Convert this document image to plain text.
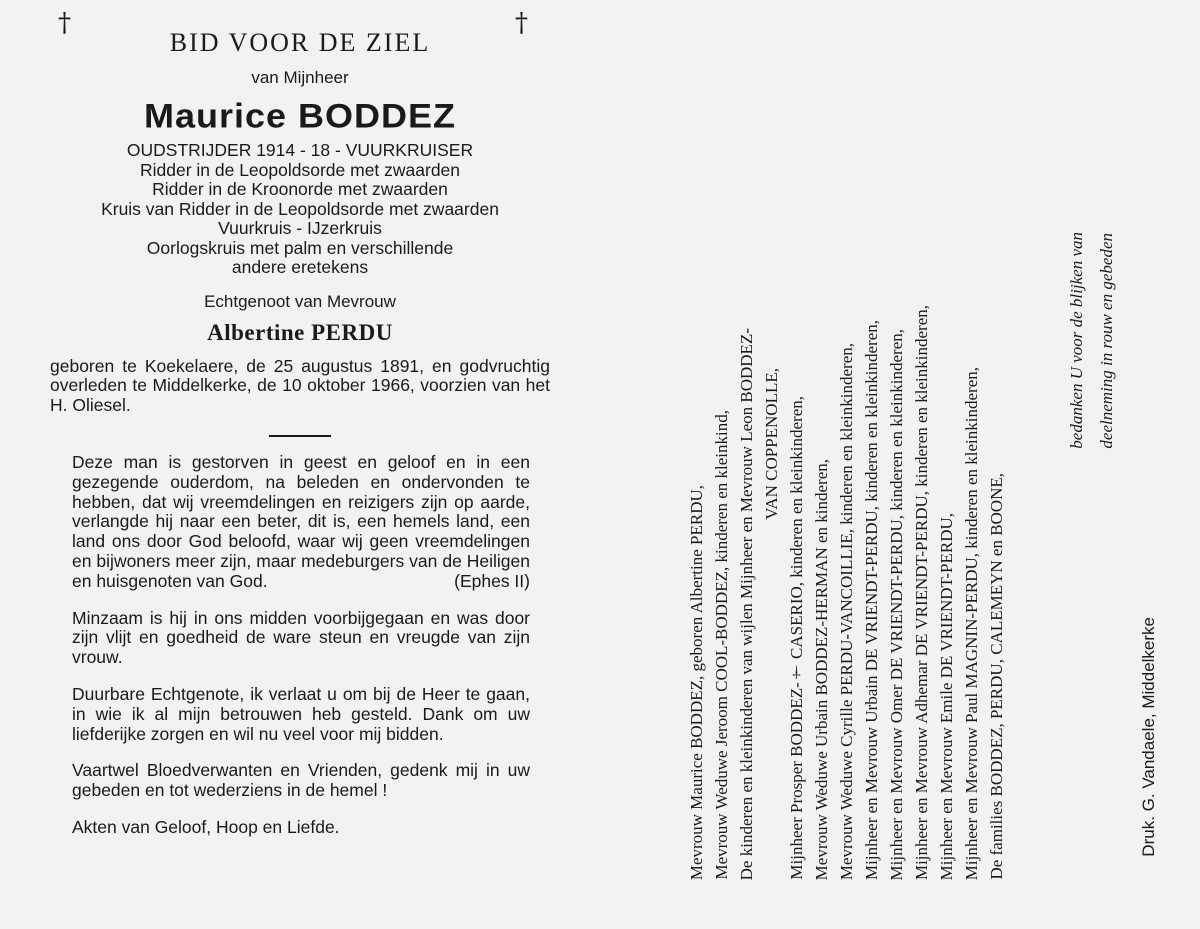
†	†
BID VOOR DE ZIEL
van Mijnheer
Maurice BODDEZ
OUDSTRIJDER 1914 - 18 - VUURKRUISER
Ridder in de Leopoldsorde met zwaarden
Ridder in de Kroonorde met zwaarden
Kruis van Ridder in de Leopoldsorde met zwaarden
Vuurkruis - IJzerkruis
Oorlogskruis met palm en verschillende
andere eretekens
Echtgenoot van Mevrouw
Albertine PERDU
geboren te Koekelaere, de 25 augustus 1891, en godvruchtig overleden te Middelkerke, de 10 oktober 1966, voorzien van het H. Oliesel.
Deze man is gestorven in geest en geloof en in een gezegende ouderdom, na beleden en ondervonden te hebben, dat wij vreemdelingen en reizigers zijn op aarde, verlangde hij naar een beter, dit is, een hemels land, een land ons door God beloofd, waar wij geen vreemdelingen en bijwoners meer zijn, maar medeburgers van de Heiligen en huisgenoten van God.	(Ephes II)
Minzaam is hij in ons midden voorbijgegaan en was door zijn vlijt en goedheid de ware steun en vreugde van zijn vrouw.
Duurbare Echtgenote, ik verlaat u om bij de Heer te gaan, in wie ik al mijn betrouwen heb gesteld. Dank om uw liefderijke zorgen en wil nu veel voor mij bidden.
Vaartwel Bloedverwanten en Vrienden, gedenk mij in uw gebeden en tot wederziens in de hemel !
Akten van Geloof, Hoop en Liefde.	Mevrouw Maurice BODDEZ, geboren Albertine PERDU, Mevrouw Weduwe Jeroom COOL-BODDEZ, kinderen en kleinkind, De kinderen en kleinkinderen van wijlen Mijnheer en Mevrouw Leon BODDEZ- VAN COPPENOLLE, Mijnheer Prosper BODDEZ-† CASERIO, kinderen en kleinkinderen, Mevrouw Weduwe Urbain BODDEZ-HERMAN en kinderen, Mevrouw Weduwe Cyrille PERDU-VANCOILLIE, kinderen en kleinkinderen, Mijnheer en Mevrouw Urbain DE VRIENDT-PERDU, kinderen en kleinkinderen, Mijnheer en Mevrouw Omer DE VRIENDT-PERDU, kinderen en kleinkinderen, Mijnheer en Mevrouw Adhemar DE VRIENDT-PERDU, kinderen en kleinkinderen, Mijnheer en Mevrouw Emile DE VRIENDT-PERDU, Mijnheer en Mevrouw Paul MAGNIN-PERDU, kinderen en kleinkinderen, De families BODDEZ, PERDU, CALEMEYN en BOONE,
bedanken U voor de blijken van deelneming in rouw en gebeden
Druk. G. Vandaele, Middelkerke
